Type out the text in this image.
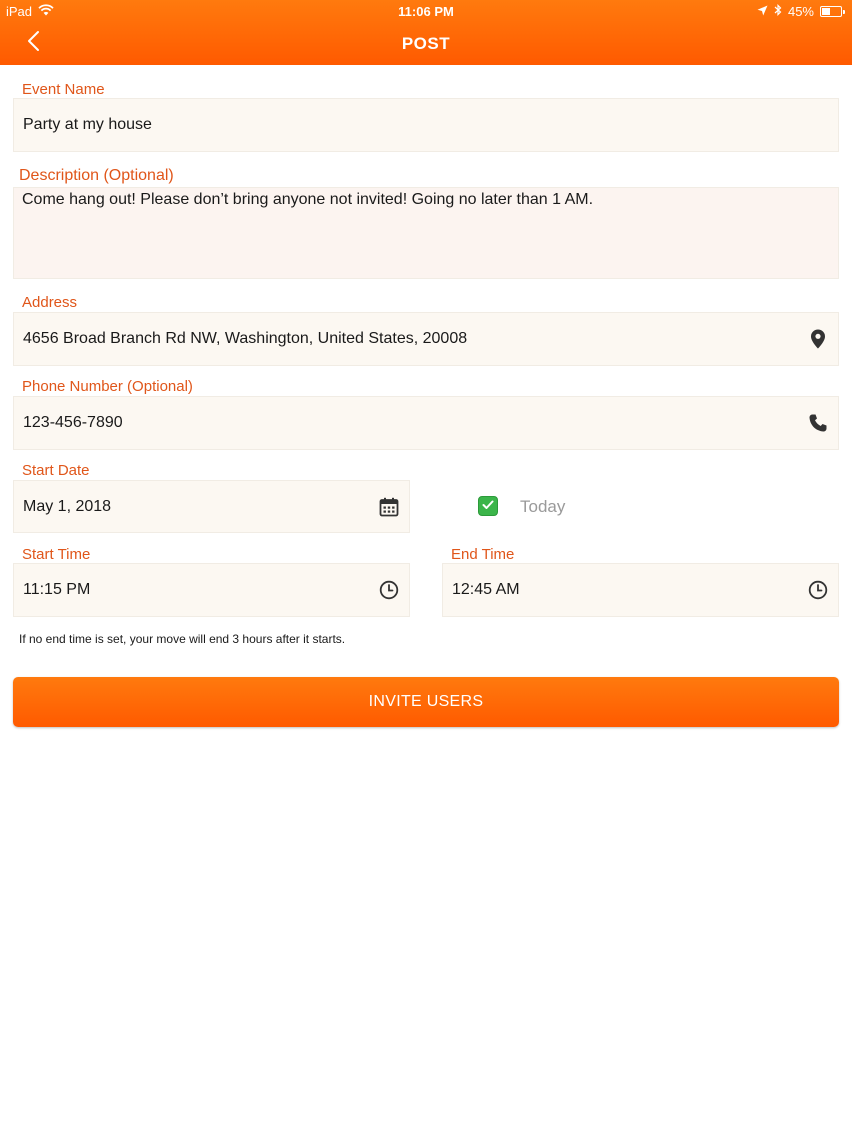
iPad	11:06 PM	45%
POST
Event Name
Party at my house
Description (Optional)
Come hang out! Please don’t bring anyone not invited! Going no later than 1 AM.
Address
4656 Broad Branch Rd NW, Washington, United States, 20008
Phone Number (Optional)
123-456-7890
Start Date
May 1, 2018	Today
Start Time
11:15 PM
End Time
12:45 AM
If no end time is set, your move will end 3 hours after it starts.
INVITE USERS
